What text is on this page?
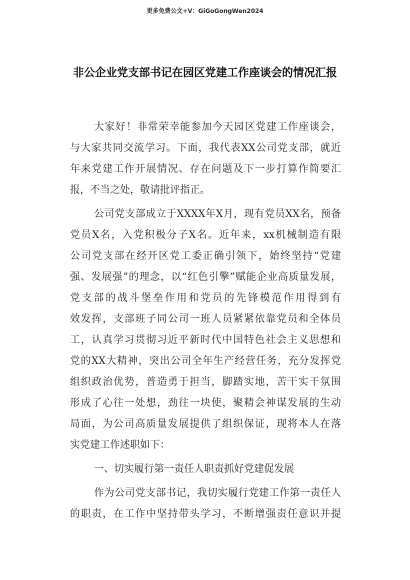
更多免费公文+V：GiGoGongWen2024
非公企业党支部书记在园区党建工作座谈会的情况汇报
大家好！非常荣幸能参加今天园区党建工作座谈会，
与大家共同交流学习。下面，我代表XX公司党支部，就近
年来党建工作开展情况、存在问题及下一步打算作简要汇
报，不当之处，敬请批评指正。
公司党支部成立于XXXX年X月，现有党员XX名，预备
党员X名，入党积极分子X名。近年来，xx机械制造有限
公司党支部在经开区党工委正确引领下，始终坚持“党建
强、发展强”的理念，以“红色引擎”赋能企业高质量发展，
党支部的战斗堡垒作用和党员的先锋模范作用得到有
效发挥，支部班子同公司一班人员紧紧依靠党员和全体员
工，认真学习贯彻习近平新时代中国特色社会主义思想和
党的XX大精神，突出公司全年生产经营任务，充分发挥党
组织政治优势，普造勇于担当，脚踏实地，苦干实干氛围
形成了心往一处想，劲往一块使，聚精会神谋发展的生动
局面，为公司高质量发展提供了组织保证，现将本人在落
实党建工作述职如下：
一、切实履行第一责任人职责抓好党建促发展
作为公司党支部书记，我切实履行党建工作第一责任人
的职责，在工作中坚持带头学习，不断增强责任意识并提
